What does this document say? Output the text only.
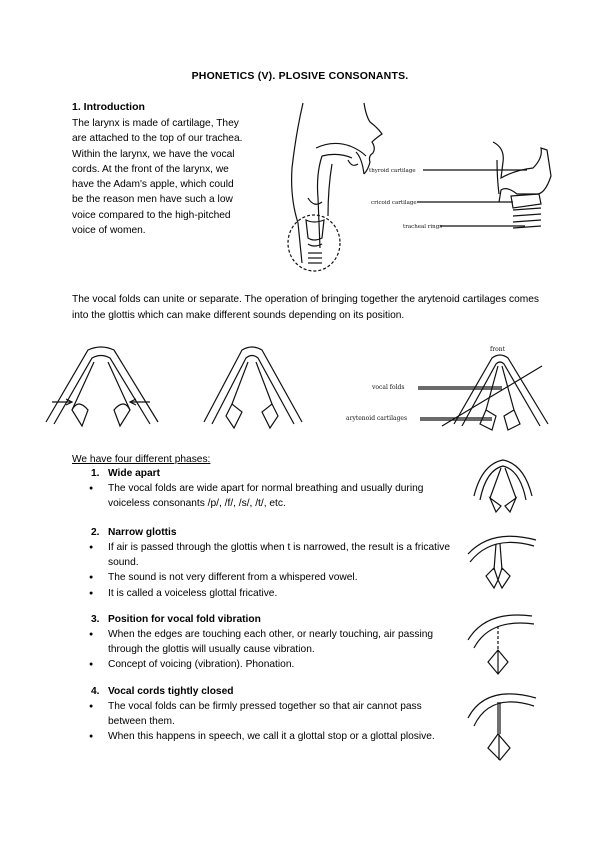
PHONETICS (V). PLOSIVE CONSONANTS.
1. Introduction
The larynx is made of cartilage, They
are attached to the top of our trachea.
Within the larynx, we have the vocal
cords. At the front of the larynx, we
have the Adam's apple, which could
be the reason men have such a low
voice compared to the high-pitched
voice of women.
thyroid cartilage
cricoid cartilage
tracheal rings
The vocal folds can unite or separate. The operation of bringing together the arytenoid cartilages comes into the glottis which can make different sounds depending on its position.
front
vocal folds
arytenoid cartilages
We have four different phases:
1. Wide apart
● The vocal folds are wide apart for normal breathing and usually during voiceless consonants /p/, /f/, /s/, /t/, etc.
2. Narrow glottis
● If air is passed through the glottis when t is narrowed, the result is a fricative sound.
● The sound is not very different from a whispered vowel.
● It is called a voiceless glottal fricative.
3. Position for vocal fold vibration
● When the edges are touching each other, or nearly touching, air passing through the glottis will usually cause vibration.
● Concept of voicing (vibration). Phonation.
4. Vocal cords tightly closed
● The vocal folds can be firmly pressed together so that air cannot pass between them.
● When this happens in speech, we call it a glottal stop or a glottal plosive.
